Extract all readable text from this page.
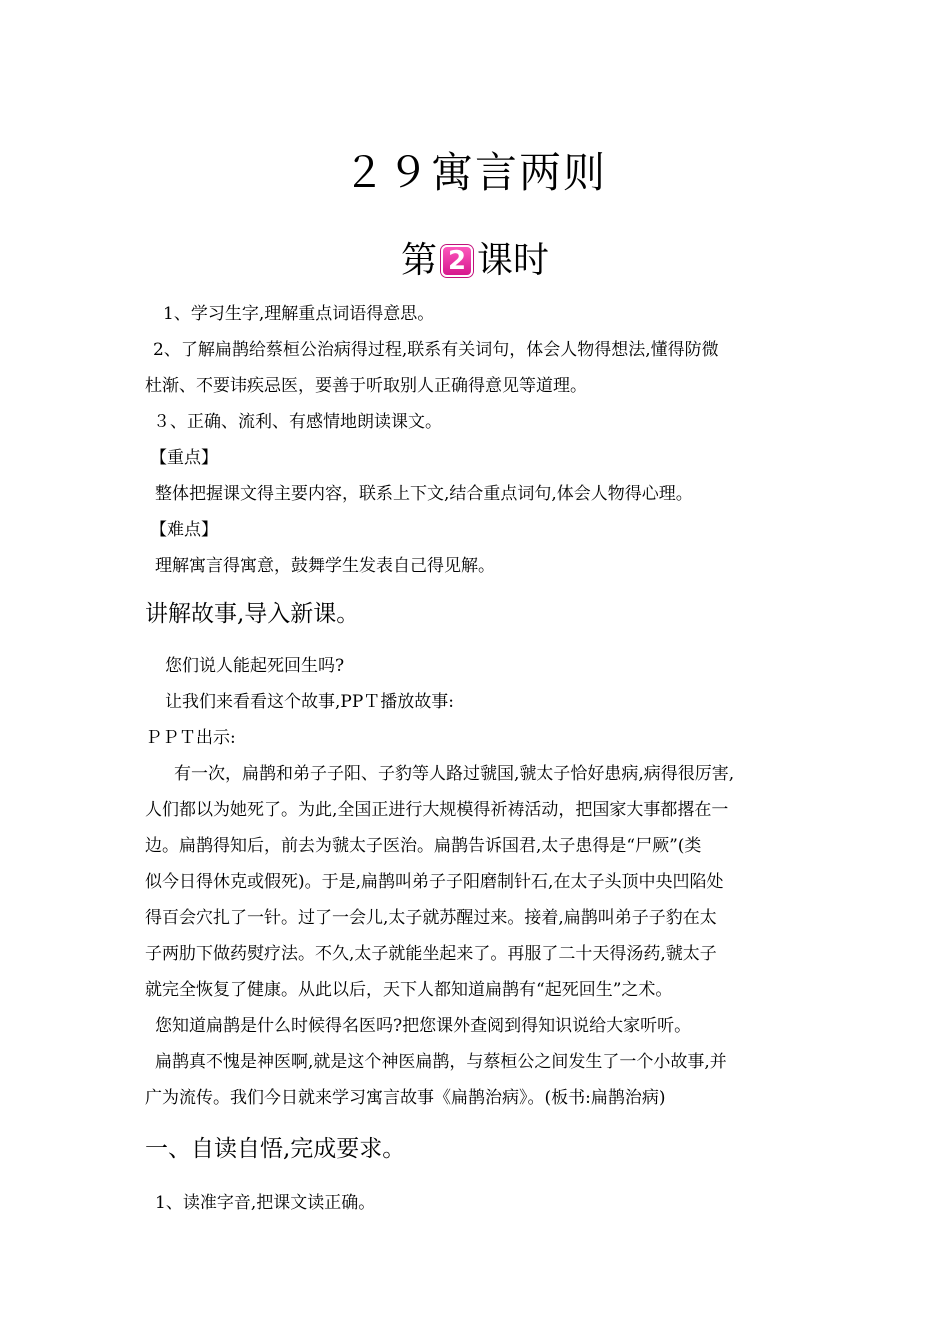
２９寓言两则
第 2 课时
1、学习生字,理解重点词语得意思。
2、了解扁鹊给蔡桓公治病得过程,联系有关词句，体会人物得想法,懂得防微
杜渐、不要讳疾忌医，要善于听取别人正确得意见等道理。
３、正确、流利、有感情地朗读课文。
【重点】
整体把握课文得主要内容，联系上下文,结合重点词句,体会人物得心理。
【难点】
理解寓言得寓意，鼓舞学生发表自己得见解。
讲解故事,导入新课。
您们说人能起死回生吗?
让我们来看看这个故事,PPＴ播放故事:
ＰＰＴ出示:
有一次，扁鹊和弟子子阳、子豹等人路过虢国,虢太子恰好患病,病得很厉害,
人们都以为她死了。为此,全国正进行大规模得祈祷活动，把国家大事都撂在一
边。扁鹊得知后，前去为虢太子医治。扁鹊告诉国君,太子患得是“尸厥”(类
似今日得休克或假死)。于是,扁鹊叫弟子子阳磨制针石,在太子头顶中央凹陷处
得百会穴扎了一针。过了一会儿,太子就苏醒过来。接着,扁鹊叫弟子子豹在太
子两肋下做药熨疗法。不久,太子就能坐起来了。再服了二十天得汤药,虢太子
就完全恢复了健康。从此以后，天下人都知道扁鹊有“起死回生”之术。
您知道扁鹊是什么时候得名医吗?把您课外查阅到得知识说给大家听听。
扁鹊真不愧是神医啊,就是这个神医扁鹊，与蔡桓公之间发生了一个小故事,并
广为流传。我们今日就来学习寓言故事《扁鹊治病》。(板书:扁鹊治病)
一、自读自悟,完成要求。
1、读准字音,把课文读正确。
